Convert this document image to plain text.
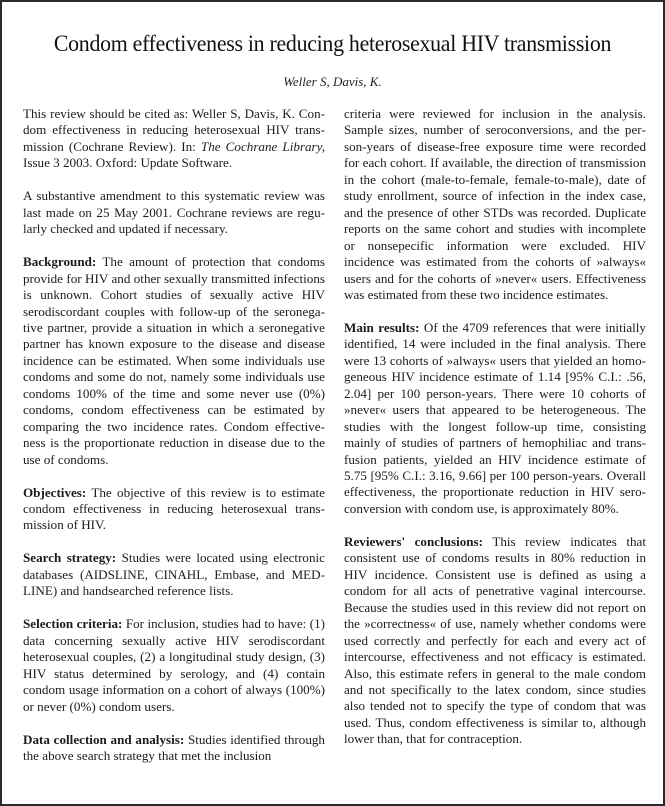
Condom effectiveness in reducing heterosexual HIV transmission
Weller S, Davis, K.

This review should be cited as: Weller S, Davis, K. Condom effectiveness in reducing heterosexual HIV transmission (Cochrane Review). In: The Cochrane Library, Issue 3 2003. Oxford: Update Software.

A substantive amendment to this systematic review was last made on 25 May 2001. Cochrane reviews are regularly checked and updated if necessary.

Background: The amount of protection that condoms provide for HIV and other sexually transmitted infections is unknown. Cohort studies of sexually active HIV serodiscordant couples with follow-up of the seronegative partner, provide a situation in which a seronegative partner has known exposure to the disease and disease incidence can be estimated. When some individuals use condoms and some do not, namely some individuals use condoms 100% of the time and some never use (0%) condoms, condom effectiveness can be estimated by comparing the two incidence rates. Condom effectiveness is the proportionate reduction in disease due to the use of condoms.

Objectives: The objective of this review is to estimate condom effectiveness in reducing heterosexual transmission of HIV.

Search strategy: Studies were located using electronic databases (AIDSLINE, CINAHL, Embase, and MEDLINE) and handsearched reference lists.

Selection criteria: For inclusion, studies had to have: (1) data concerning sexually active HIV serodiscordant heterosexual couples, (2) a longitudinal study design, (3) HIV status determined by serology, and (4) contain condom usage information on a cohort of always (100%) or never (0%) condom users.

Data collection and analysis: Studies identified through the above search strategy that met the inclusion

criteria were reviewed for inclusion in the analysis. Sample sizes, number of seroconversions, and the person-years of disease-free exposure time were recorded for each cohort. If available, the direction of transmission in the cohort (male-to-female, female-to-male), date of study enrollment, source of infection in the index case, and the presence of other STDs was recorded. Duplicate reports on the same cohort and studies with incomplete or nonsepecific information were excluded. HIV incidence was estimated from the cohorts of »always« users and for the cohorts of »never« users. Effectiveness was estimated from these two incidence estimates.

Main results: Of the 4709 references that were initially identified, 14 were included in the final analysis. There were 13 cohorts of »always« users that yielded an homogeneous HIV incidence estimate of 1.14 [95% C.I.: .56, 2.04] per 100 person-years. There were 10 cohorts of »never« users that appeared to be heterogeneous. The studies with the longest follow-up time, consisting mainly of studies of partners of hemophiliac and transfusion patients, yielded an HIV incidence estimate of 5.75 [95% C.I.: 3.16, 9.66] per 100 person-years. Overall effectiveness, the proportionate reduction in HIV seroconversion with condom use, is approximately 80%.

Reviewers' conclusions: This review indicates that consistent use of condoms results in 80% reduction in HIV incidence. Consistent use is defined as using a condom for all acts of penetrative vaginal intercourse. Because the studies used in this review did not report on the »correctness« of use, namely whether condoms were used correctly and perfectly for each and every act of intercourse, effectiveness and not efficacy is estimated. Also, this estimate refers in general to the male condom and not specifically to the latex condom, since studies also tended not to specify the type of condom that was used. Thus, condom effectiveness is similar to, although lower than, that for contraception.
